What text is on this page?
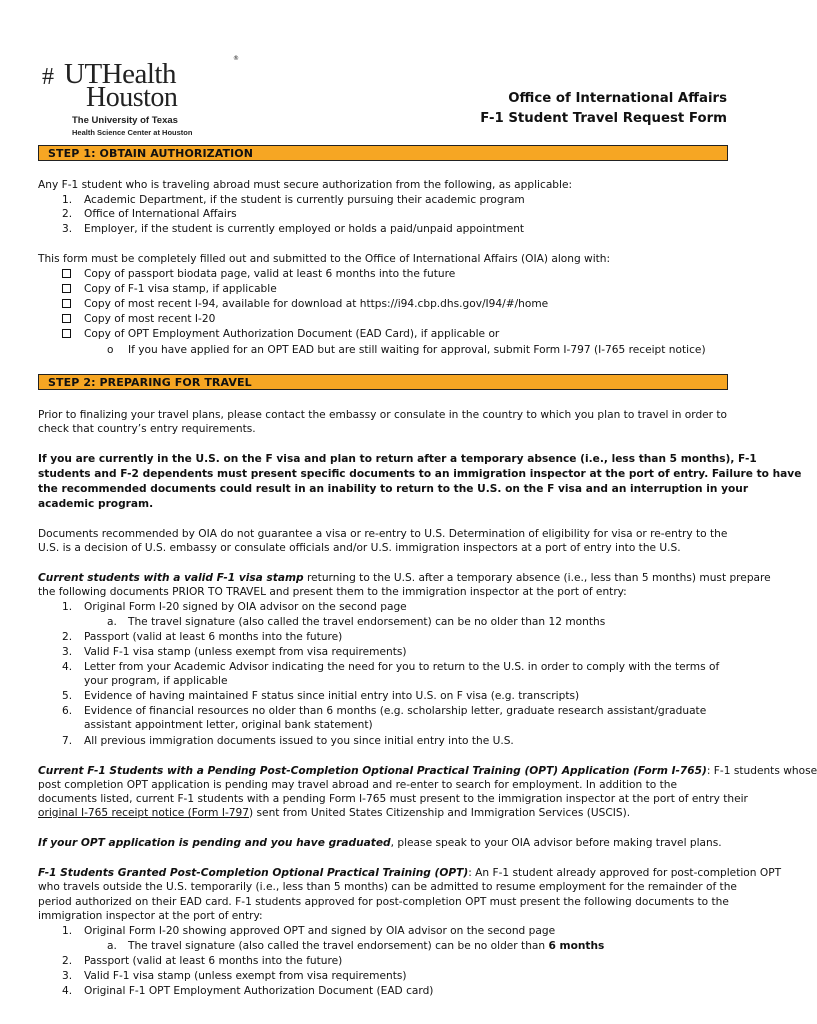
# UTHealth	®
Houston
The University of Texas
Health Science Center at Houston
Office of International Affairs
F-1 Student Travel Request Form
STEP 1: OBTAIN AUTHORIZATION
Any F-1 student who is traveling abroad must secure authorization from the following, as applicable:
1. Academic Department, if the student is currently pursuing their academic program
2. Office of International Affairs
3. Employer, if the student is currently employed or holds a paid/unpaid appointment
This form must be completely filled out and submitted to the Office of International Affairs (OIA) along with:
Copy of passport biodata page, valid at least 6 months into the future
Copy of F-1 visa stamp, if applicable
Copy of most recent I-94, available for download at https://i94.cbp.dhs.gov/I94/#/home
Copy of most recent I-20
Copy of OPT Employment Authorization Document (EAD Card), if applicable or
o If you have applied for an OPT EAD but are still waiting for approval, submit Form I-797 (I-765 receipt notice)
STEP 2: PREPARING FOR TRAVEL
Prior to finalizing your travel plans, please contact the embassy or consulate in the country to which you plan to travel in order to
check that country’s entry requirements.
If you are currently in the U.S. on the F visa and plan to return after a temporary absence (i.e., less than 5 months), F-1
students and F-2 dependents must present specific documents to an immigration inspector at the port of entry. Failure to have
the recommended documents could result in an inability to return to the U.S. on the F visa and an interruption in your
academic program.
Documents recommended by OIA do not guarantee a visa or re-entry to U.S. Determination of eligibility for visa or re-entry to the
U.S. is a decision of U.S. embassy or consulate officials and/or U.S. immigration inspectors at a port of entry into the U.S.
Current students with a valid F-1 visa stamp returning to the U.S. after a temporary absence (i.e., less than 5 months) must prepare
the following documents PRIOR TO TRAVEL and present them to the immigration inspector at the port of entry:
1. Original Form I-20 signed by OIA advisor on the second page
a. The travel signature (also called the travel endorsement) can be no older than 12 months
2. Passport (valid at least 6 months into the future)
3. Valid F-1 visa stamp (unless exempt from visa requirements)
4. Letter from your Academic Advisor indicating the need for you to return to the U.S. in order to comply with the terms of
your program, if applicable
5. Evidence of having maintained F status since initial entry into U.S. on F visa (e.g. transcripts)
6. Evidence of financial resources no older than 6 months (e.g. scholarship letter, graduate research assistant/graduate
assistant appointment letter, original bank statement)
7. All previous immigration documents issued to you since initial entry into the U.S.
Current F-1 Students with a Pending Post-Completion Optional Practical Training (OPT) Application (Form I-765): F-1 students whose
post completion OPT application is pending may travel abroad and re-enter to search for employment. In addition to the
documents listed, current F-1 students with a pending Form I-765 must present to the immigration inspector at the port of entry their
original I-765 receipt notice (Form I-797) sent from United States Citizenship and Immigration Services (USCIS).
If your OPT application is pending and you have graduated, please speak to your OIA advisor before making travel plans.
F-1 Students Granted Post-Completion Optional Practical Training (OPT): An F-1 student already approved for post-completion OPT
who travels outside the U.S. temporarily (i.e., less than 5 months) can be admitted to resume employment for the remainder of the
period authorized on their EAD card. F-1 students approved for post-completion OPT must present the following documents to the
immigration inspector at the port of entry:
1. Original Form I-20 showing approved OPT and signed by OIA advisor on the second page
a. The travel signature (also called the travel endorsement) can be no older than 6 months
2. Passport (valid at least 6 months into the future)
3. Valid F-1 visa stamp (unless exempt from visa requirements)
4. Original F-1 OPT Employment Authorization Document (EAD card)
